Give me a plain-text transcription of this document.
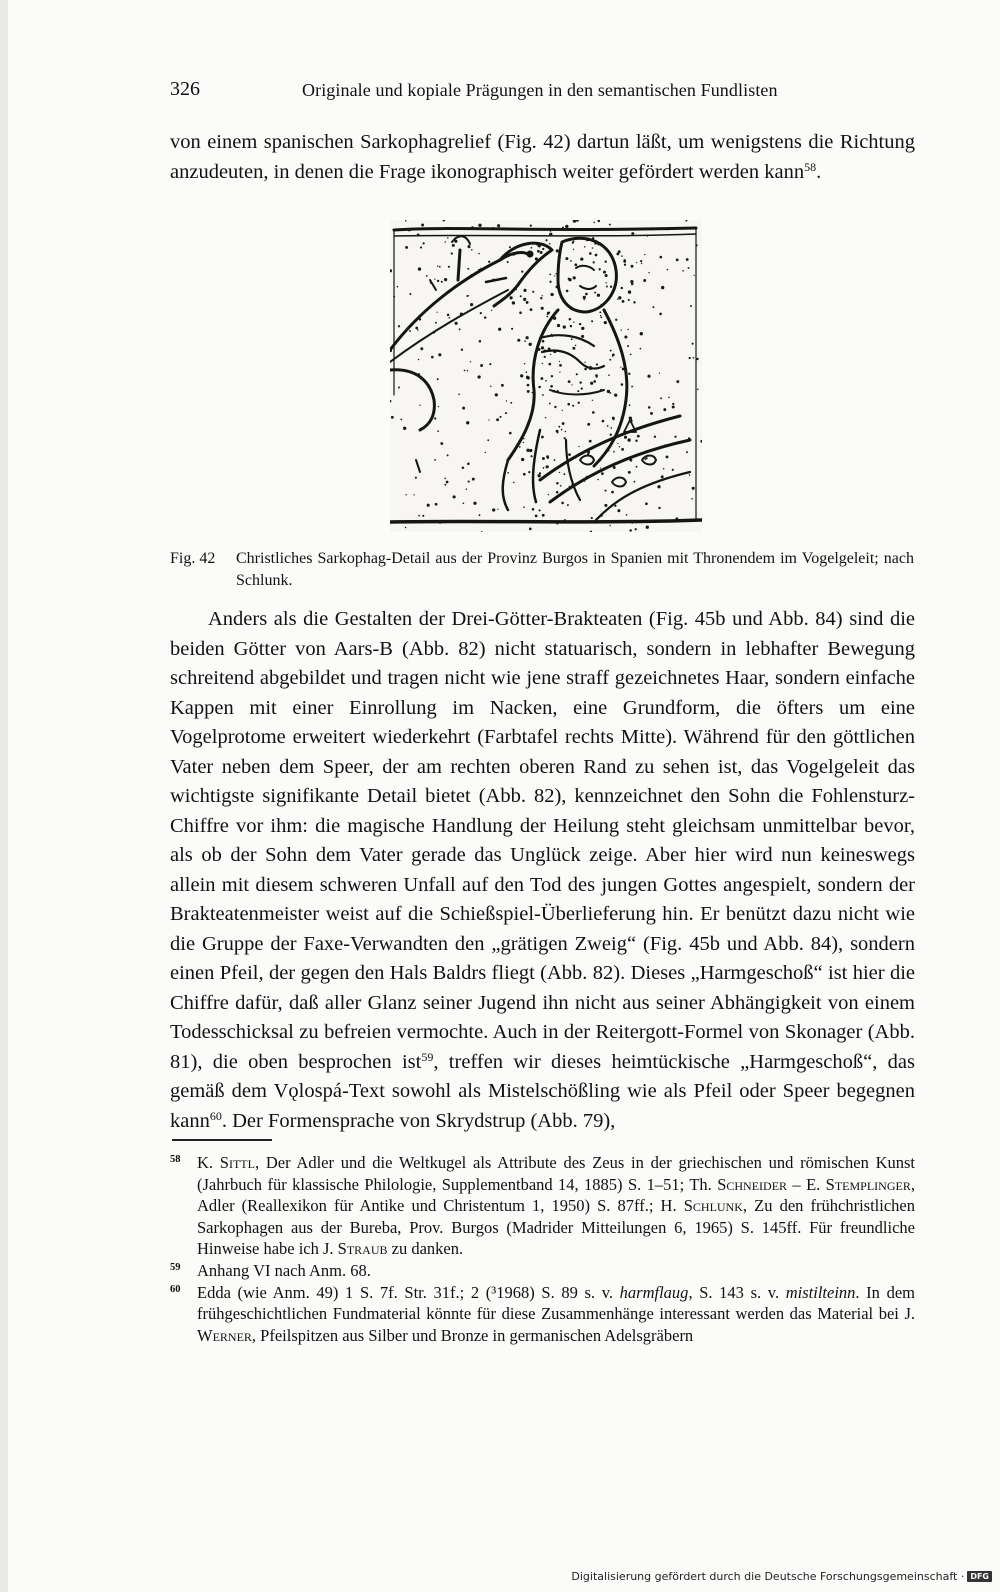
326	Originale und kopiale Prägungen in den semantischen Fundlisten

von einem spanischen Sarkophagrelief (Fig. 42) dartun läßt, um wenigstens die Richtung anzudeuten, in denen die Frage ikonographisch weiter gefördert werden kann$^{58}$.

Fig. 42 Christliches Sarkophag-Detail aus der Provinz Burgos in Spanien mit Thronendem im Vogelgeleit; nach Schlunk.

Anders als die Gestalten der Drei-Götter-Brakteaten (Fig. 45b und Abb. 84) sind die beiden Götter von Aars-B (Abb. 82) nicht statuarisch, sondern in lebhafter Bewegung schreitend abgebildet und tragen nicht wie jene straff gezeichnetes Haar, sondern einfache Kappen mit einer Einrollung im Nacken, eine Grundform, die öfters um eine Vogelprotome erweitert wiederkehrt (Farbtafel rechts Mitte). Während für den göttlichen Vater neben dem Speer, der am rechten oberen Rand zu sehen ist, das Vogelgeleit das wichtigste signifikante Detail bietet (Abb. 82), kennzeichnet den Sohn die Fohlensturz-Chiffre vor ihm: die magische Handlung der Heilung steht gleichsam unmittelbar bevor, als ob der Sohn dem Vater gerade das Unglück zeige. Aber hier wird nun keineswegs allein mit diesem schweren Unfall auf den Tod des jungen Gottes angespielt, sondern der Brakteatenmeister weist auf die Schießspiel-Überlieferung hin. Er benützt dazu nicht wie die Gruppe der Faxe-Verwandten den „grätigen Zweig“ (Fig. 45b und Abb. 84), sondern einen Pfeil, der gegen den Hals Baldrs fliegt (Abb. 82). Dieses „Harmgeschoß“ ist hier die Chiffre dafür, daß aller Glanz seiner Jugend ihn nicht aus seiner Abhängigkeit von einem Todesschicksal zu befreien vermochte. Auch in der Reitergott-Formel von Skonager (Abb. 81), die oben besprochen ist$^{59}$, treffen wir dieses heimtückische „Harmgeschoß“, das gemäß dem Vǫlospá-Text sowohl als Mistelschößling wie als Pfeil oder Speer begegnen kann$^{60}$. Der Formensprache von Skrydstrup (Abb. 79),

58 K. Sittl, Der Adler und die Weltkugel als Attribute des Zeus in der griechischen und römischen Kunst (Jahrbuch für klassische Philologie, Supplementband 14, 1885) S. 1–51; Th. Schneider – E. Stemplinger, Adler (Reallexikon für Antike und Christentum 1, 1950) S. 87ff.; H. Schlunk, Zu den frühchristlichen Sarkophagen aus der Bureba, Prov. Burgos (Madrider Mitteilungen 6, 1965) S. 145ff. Für freundliche Hinweise habe ich J. Straub zu danken.
59 Anhang VI nach Anm. 68.
60 Edda (wie Anm. 49) 1 S. 7f. Str. 31f.; 2 (³1968) S. 89 s. v. harmflaug, S. 143 s. v. mistilteinn. In dem frühgeschichtlichen Fundmaterial könnte für diese Zusammenhänge interessant werden das Material bei J. Werner, Pfeilspitzen aus Silber und Bronze in germanischen Adelsgräbern
Digitalisierung gefördert durch die Deutsche Forschungsgemeinschaft · DFG
